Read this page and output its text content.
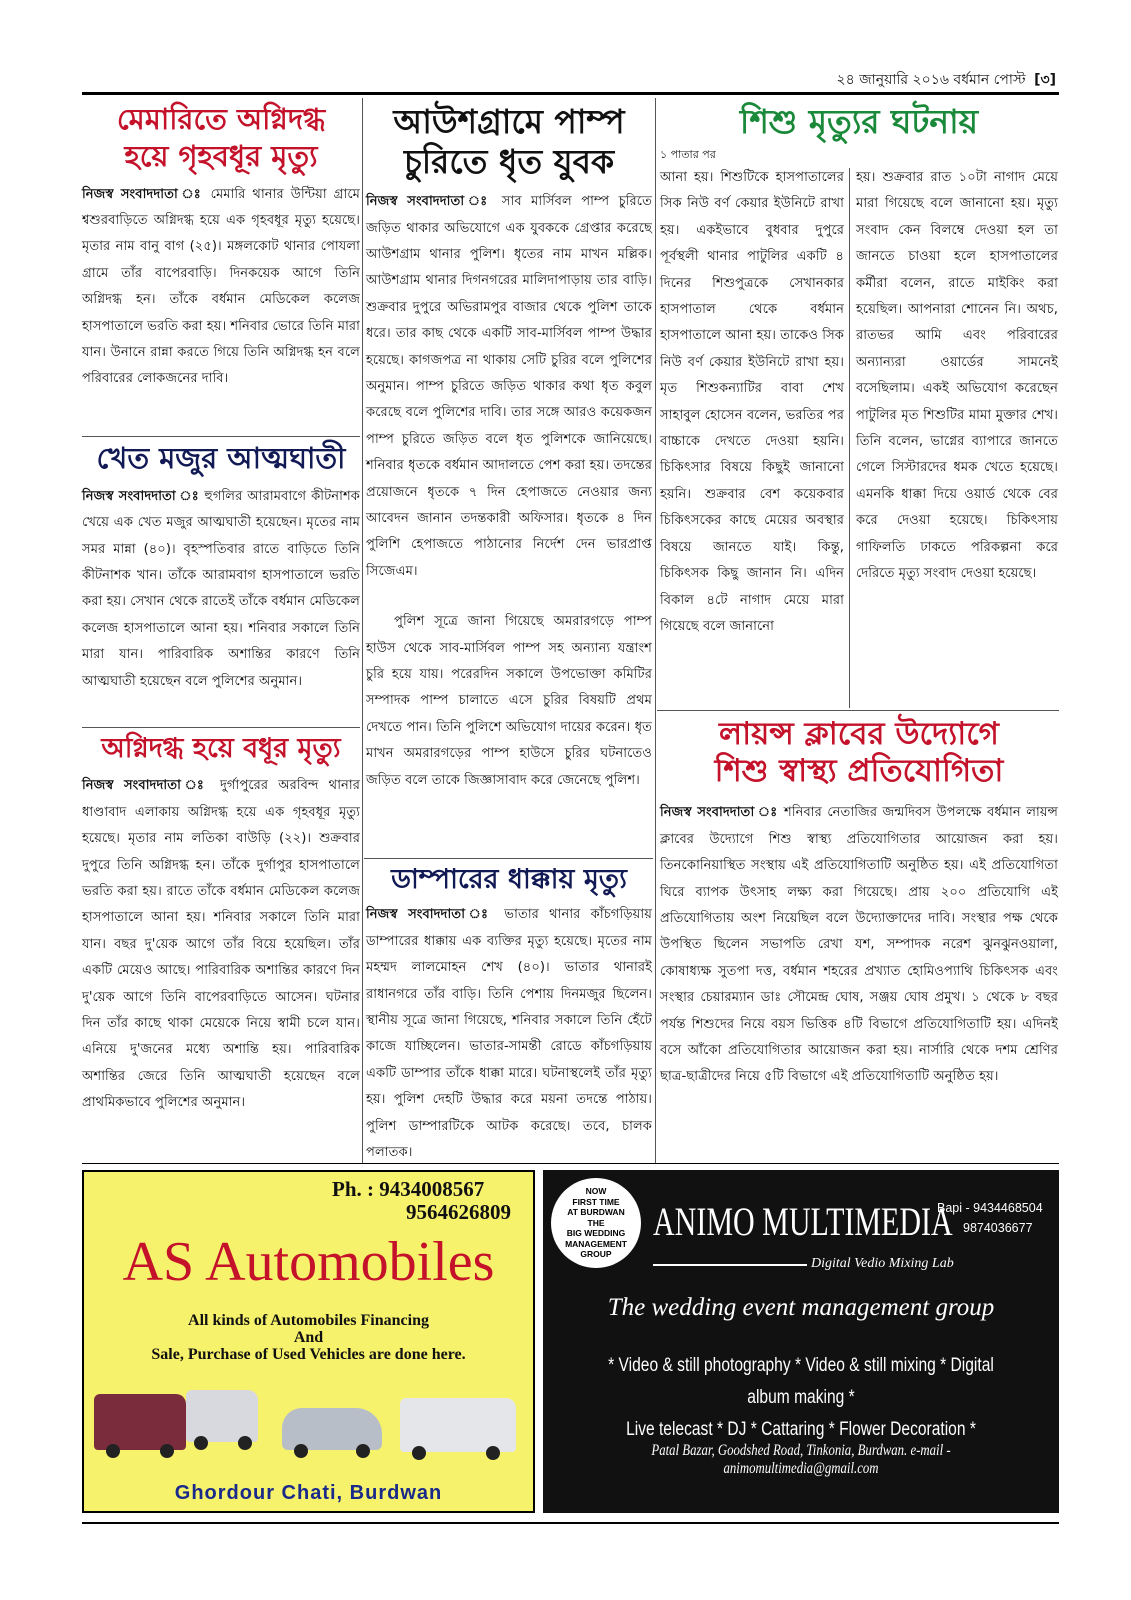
২৪ জানুয়ারি ২০১৬ বর্ধমান পোস্ট [৩]
মেমারিতে অগ্নিদগ্ধ
হয়ে গৃহবধূর মৃত্যু
নিজস্ব সংবাদদাতা ঃ মেমারি থানার উন্টিয়া গ্রামে শ্বশুরবাড়িতে অগ্নিদগ্ধ হয়ে এক গৃহবধূর মৃত্যু হয়েছে। মৃতার নাম বানু বাগ (২৫)। মঙ্গলকোট থানার পোযলা গ্রামে তাঁর বাপেরবাড়ি। দিনকয়েক আগে তিনি অগ্নিদগ্ধ হন। তাঁকে বর্ধমান মেডিকেল কলেজ হাসপাতালে ভরতি করা হয়। শনিবার ভোরে তিনি মারা যান। উনানে রান্না করতে গিয়ে তিনি অগ্নিদগ্ধ হন বলে পরিবারের লোকজনের দাবি।
খেত মজুর আত্মঘাতী
নিজস্ব সংবাদদাতা ঃ হুগলির আরামবাগে কীটনাশক খেয়ে এক খেত মজুর আত্মঘাতী হয়েছেন। মৃতের নাম সমর মান্না (৪০)। বৃহস্পতিবার রাতে বাড়িতে তিনি কীটনাশক খান। তাঁকে আরামবাগ হাসপাতালে ভরতি করা হয়। সেখান থেকে রাতেই তাঁকে বর্ধমান মেডিকেল কলেজ হাসপাতালে আনা হয়। শনিবার সকালে তিনি মারা যান। পারিবারিক অশান্তির কারণে তিনি আত্মঘাতী হয়েছেন বলে পুলিশের অনুমান।
অগ্নিদগ্ধ হয়ে বধূর মৃত্যু
নিজস্ব সংবাদদাতা ঃ দুর্গাপুরের অরবিন্দ থানার ধাণ্ডাবাদ এলাকায় অগ্নিদগ্ধ হয়ে এক গৃহবধূর মৃত্যু হয়েছে। মৃতার নাম লতিকা বাউড়ি (২২)। শুক্রবার দুপুরে তিনি অগ্নিদগ্ধ হন। তাঁকে দুর্গাপুর হাসপাতালে ভরতি করা হয়। রাতে তাঁকে বর্ধমান মেডিকেল কলেজ হাসপাতালে আনা হয়। শনিবার সকালে তিনি মারা যান। বছর দু'য়েক আগে তাঁর বিয়ে হয়েছিল। তাঁর একটি মেয়েও আছে। পারিবারিক অশান্তির কারণে দিন দু'য়েক আগে তিনি বাপেরবাড়িতে আসেন। ঘটনার দিন তাঁর কাছে থাকা মেয়েকে নিয়ে স্বামী চলে যান। এনিয়ে দু'জনের মধ্যে অশান্তি হয়। পারিবারিক অশান্তির জেরে তিনি আত্মঘাতী হয়েছেন বলে প্রাথমিকভাবে পুলিশের অনুমান।
আউশগ্রামে পাম্প
চুরিতে ধৃত যুবক
নিজস্ব সংবাদদাতা ঃ সাব মার্সিবল পাম্প চুরিতে জড়িত থাকার অভিযোগে এক যুবককে গ্রেপ্তার করেছে আউশগ্রাম থানার পুলিশ। ধৃতের নাম মাখন মল্লিক। আউশগ্রাম থানার দিগনগরের মালিদাপাড়ায় তার বাড়ি। শুক্রবার দুপুরে অভিরামপুর বাজার থেকে পুলিশ তাকে ধরে। তার কাছ থেকে একটি সাব-মার্সিবল পাম্প উদ্ধার হয়েছে। কাগজপত্র না থাকায় সেটি চুরির বলে পুলিশের অনুমান। পাম্প চুরিতে জড়িত থাকার কথা ধৃত কবুল করেছে বলে পুলিশের দাবি। তার সঙ্গে আরও কয়েকজন পাম্প চুরিতে জড়িত বলে ধৃত পুলিশকে জানিয়েছে। শনিবার ধৃতকে বর্ধমান আদালতে পেশ করা হয়। তদন্তের প্রয়োজনে ধৃতকে ৭ দিন হেপাজতে নেওয়ার জন্য আবেদন জানান তদন্তকারী অফিসার। ধৃতকে ৪ দিন পুলিশি হেপাজতে পাঠানোর নির্দেশ দেন ভারপ্রাপ্ত সিজেএম।
পুলিশ সূত্রে জানা গিয়েছে অমরারগড়ে পাম্প হাউস থেকে সাব-মার্সিবল পাম্প সহ অন্যান্য যন্ত্রাংশ চুরি হয়ে যায়। পরেরদিন সকালে উপভোক্তা কমিটির সম্পাদক পাম্প চালাতে এসে চুরির বিষয়টি প্রথম দেখতে পান। তিনি পুলিশে অভিযোগ দায়ের করেন। ধৃত মাখন অমরারগড়ের পাম্প হাউসে চুরির ঘটনাতেও জড়িত বলে তাকে জিজ্ঞাসাবাদ করে জেনেছে পুলিশ।
ডাম্পারের ধাক্কায় মৃত্যু
নিজস্ব সংবাদদাতা ঃ ভাতার থানার কাঁচগড়িয়ায় ডাম্পারের ধাক্কায় এক ব্যক্তির মৃত্যু হয়েছে। মৃতের নাম মহম্মদ লালমোহন শেখ (৪০)। ভাতার থানারই রাধানগরে তাঁর বাড়ি। তিনি পেশায় দিনমজুর ছিলেন। স্থানীয় সূত্রে জানা গিয়েছে, শনিবার সকালে তিনি হেঁটে কাজে যাচ্ছিলেন। ভাতার-সামন্তী রোডে কাঁচগড়িয়ায় একটি ডাম্পার তাঁকে ধাক্কা মারে। ঘটনাস্থলেই তাঁর মৃত্যু হয়। পুলিশ দেহটি উদ্ধার করে ময়না তদন্তে পাঠায়। পুলিশ ডাম্পারটিকে আটক করেছে। তবে, চালক পলাতক।
শিশু মৃত্যুর ঘটনায়
১ পাতার পর
আনা হয়। শিশুটিকে হাসপাতালের সিক নিউ বর্ণ কেয়ার ইউনিটে রাখা হয়। একইভাবে বুধবার দুপুরে পূর্বস্থলী থানার পাটুলির একটি ৪ দিনের শিশুপুত্রকে সেখানকার হাসপাতাল থেকে বর্ধমান হাসপাতালে আনা হয়। তাকেও সিক নিউ বর্ণ কেয়ার ইউনিটে রাখা হয়। মৃত শিশুকন্যাটির বাবা শেখ সাহাবুল হোসেন বলেন, ভরতির পর বাচ্চাকে দেখতে দেওয়া হয়নি। চিকিৎসার বিষয়ে কিছুই জানানো হয়নি। শুক্রবার বেশ কয়েকবার চিকিৎসকের কাছে মেয়ের অবস্থার বিষয়ে জানতে যাই। কিন্তু, চিকিৎসক কিছু জানান নি। এদিন বিকাল ৪টে নাগাদ মেয়ে মারা গিয়েছে বলে জানানো
হয়। শুক্রবার রাত ১০টা নাগাদ মেয়ে মারা গিয়েছে বলে জানানো হয়। মৃত্যু সংবাদ কেন বিলম্বে দেওয়া হল তা জানতে চাওয়া হলে হাসপাতালের কর্মীরা বলেন, রাতে মাইকিং করা হয়েছিল। আপনারা শোনেন নি। অথচ, রাতভর আমি এবং পরিবারের অন্যান্যরা ওয়ার্ডের সামনেই বসেছিলাম। একই অভিযোগ করেছেন পাটুলির মৃত শিশুটির মামা মুক্তার শেখ। তিনি বলেন, ভাগ্নের ব্যাপারে জানতে গেলে সিস্টারদের ধমক খেতে হয়েছে। এমনকি ধাক্কা দিয়ে ওয়ার্ড থেকে বের করে দেওয়া হয়েছে। চিকিৎসায় গাফিলতি ঢাকতে পরিকল্পনা করে দেরিতে মৃত্যু সংবাদ দেওয়া হয়েছে।
লায়ন্স ক্লাবের উদ্যোগে
শিশু স্বাস্থ্য প্রতিযোগিতা
নিজস্ব সংবাদদাতা ঃ শনিবার নেতাজির জন্মদিবস উপলক্ষে বর্ধমান লায়ন্স ক্লাবের উদ্যোগে শিশু স্বাস্থ্য প্রতিযোগিতার আয়োজন করা হয়। তিনকোনিয়াস্থিত সংস্থায় এই প্রতিযোগিতাটি অনুষ্ঠিত হয়। এই প্রতিযোগিতা ঘিরে ব্যাপক উৎসাহ লক্ষ্য করা গিয়েছে। প্রায় ২০০ প্রতিযোগি এই প্রতিযোগিতায় অংশ নিয়েছিল বলে উদ্যোক্তাদের দাবি। সংস্থার পক্ষ থেকে উপস্থিত ছিলেন সভাপতি রেখা যশ, সম্পাদক নরেশ ঝুনঝুনওয়ালা, কোষাধ্যক্ষ সুতপা দত্ত, বর্ধমান শহরের প্রখ্যাত হোমিওপ্যাথি চিকিৎসক এবং সংস্থার চেয়ারম্যান ডাঃ সৌমেন্দ্র ঘোষ, সঞ্জয় ঘোষ প্রমুখ। ১ থেকে ৮ বছর পর্যন্ত শিশুদের নিয়ে বয়স ভিত্তিক ৪টি বিভাগে প্রতিযোগিতাটি হয়। এদিনই বসে আঁকো প্রতিযোগিতার আয়োজন করা হয়। নার্সারি থেকে দশম শ্রেণির ছাত্র-ছাত্রীদের নিয়ে ৫টি বিভাগে এই প্রতিযোগিতাটি অনুষ্ঠিত হয়।
Ph. : 9434008567
9564626809
AS Automobiles
All kinds of Automobiles Financing
And
Sale, Purchase of Used Vehicles are done here.
Ghordour Chati, Burdwan
NOW
FIRST TIME
AT BURDWAN
THE
BIG WEDDING
MANAGEMENT
GROUP
ANIMO MULTIMEDIA
Bapi - 9434468504
9874036677
Digital Vedio Mixing Lab
The wedding event management group
* Video & still photography * Video & still mixing * Digital album making *
Live telecast * DJ * Cattaring * Flower Decoration *
Patal Bazar, Goodshed Road, Tinkonia, Burdwan. e-mail - animomultimedia@gmail.com
